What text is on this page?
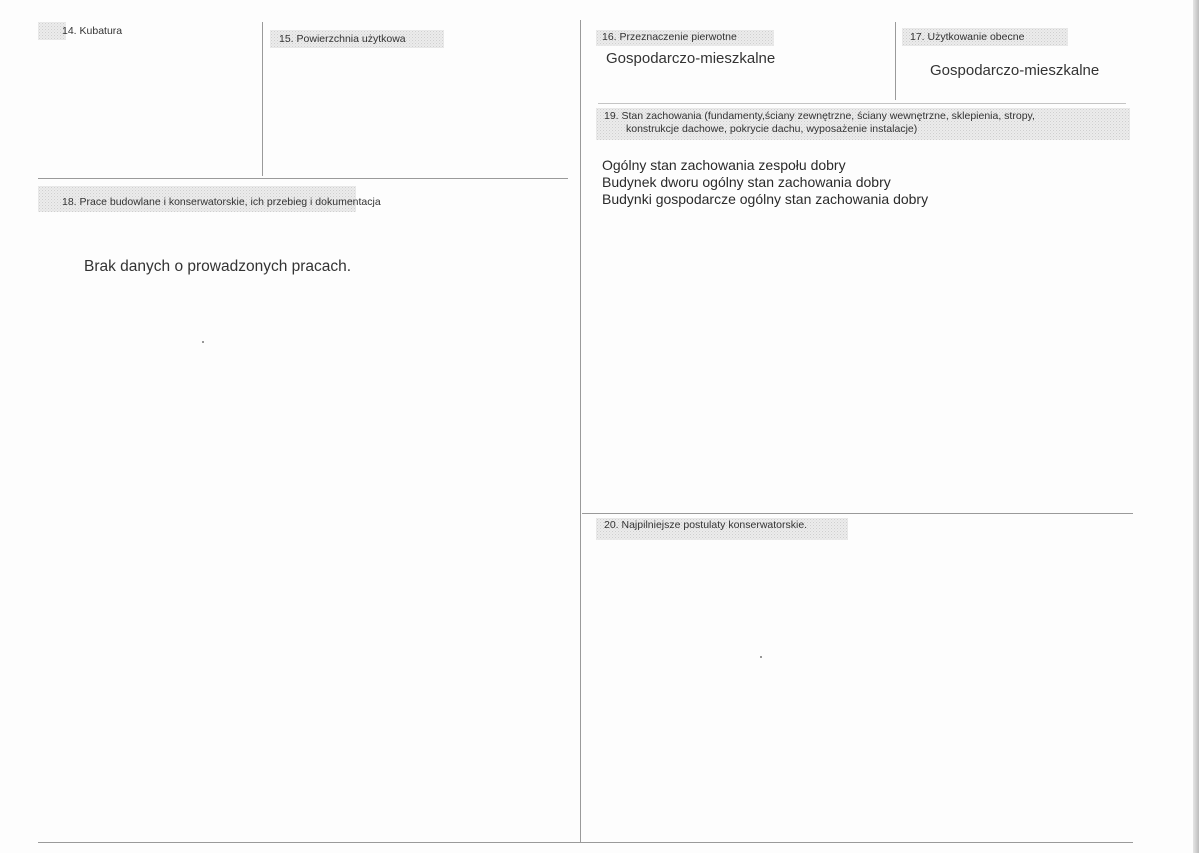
14. Kubatura
15. Powierzchnia użytkowa	16. Przeznaczenie pierwotne	17. Użytkowanie obecne
18. Prace budowlane i konserwatorskie, ich przebieg i dokumentacja
19. Stan zachowania (fundamenty,ściany zewnętrzne, ściany wewnętrzne, sklepienia, stropy,
konstrukcje dachowe, pokrycie dachu, wyposażenie instalacje)
20. Najpilniejsze postulaty konserwatorskie.
Gospodarczo-mieszkalne
Gospodarczo-mieszkalne
Brak danych o prowadzonych pracach.
Ogólny stan zachowania zespołu dobry
Budynek dworu ogólny stan zachowania dobry
Budynki gospodarcze ogólny stan zachowania dobry
